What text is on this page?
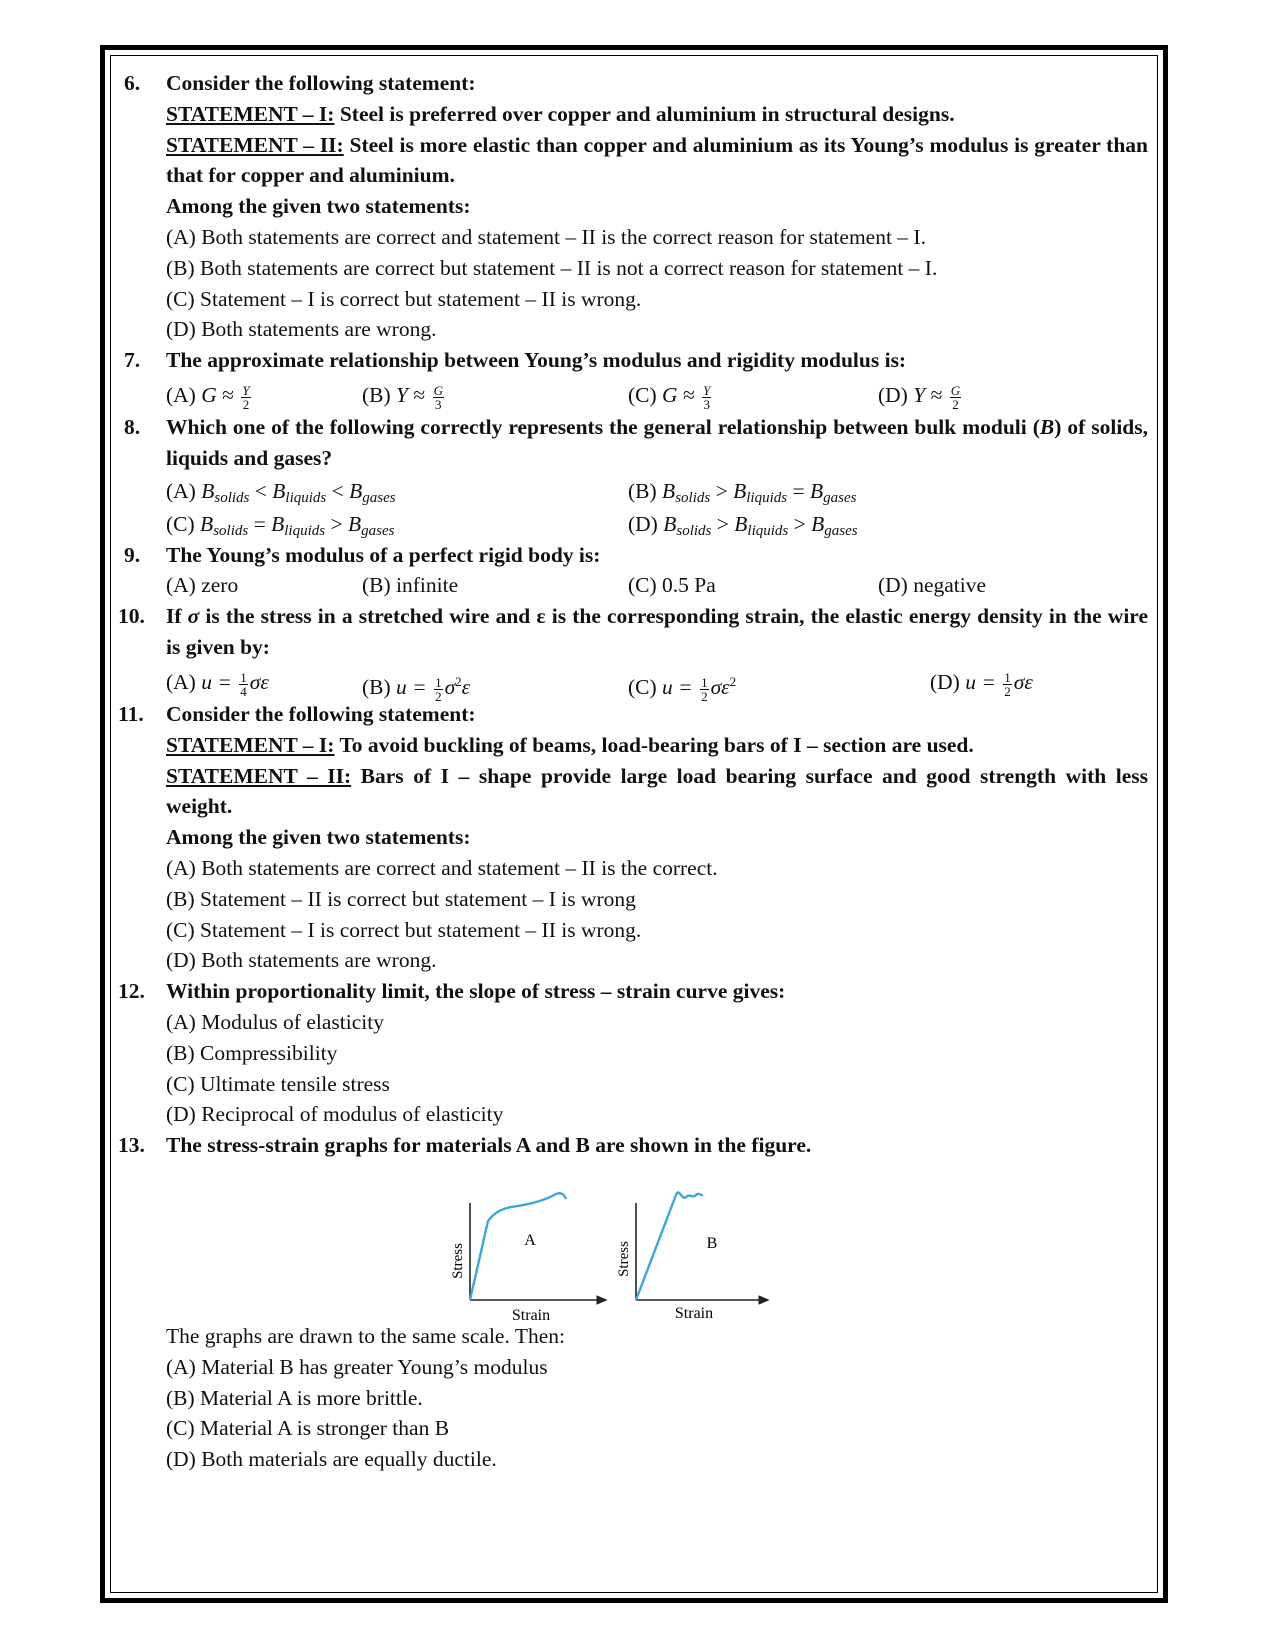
6. Consider the following statement:
STATEMENT – I: Steel is preferred over copper and aluminium in structural designs.
STATEMENT – II: Steel is more elastic than copper and aluminium as its Young’s modulus is greater than that for copper and aluminium.
Among the given two statements:
(A) Both statements are correct and statement – II is the correct reason for statement – I.
(B) Both statements are correct but statement – II is not a correct reason for statement – I.
(C) Statement – I is correct but statement – II is wrong.
(D) Both statements are wrong.
7. The approximate relationship between Young’s modulus and rigidity modulus is:
(A) $G \approx \frac{Y}{2}$	(B) $Y \approx \frac{G}{3}$	(C) $G \approx \frac{Y}{3}$	(D) $Y \approx \frac{G}{2}$
8. Which one of the following correctly represents the general relationship between bulk moduli (B) of solids, liquids and gases?
(A) $B_{solids} < B_{liquids} < B_{gases}$	(B) $B_{solids} > B_{liquids} = B_{gases}$
(C) $B_{solids} = B_{liquids} > B_{gases}$	(D) $B_{solids} > B_{liquids} > B_{gases}$
9. The Young’s modulus of a perfect rigid body is:
(A) zero	(B) infinite	(C) 0.5 Pa	(D) negative
10. If σ is the stress in a stretched wire and ε is the corresponding strain, the elastic energy density in the wire is given by:
(A) $u = \frac{1}{4}$ σε	(B) $u = \frac{1}{2} \sigma^2\varepsilon$	(C) $u = \frac{1}{2} \sigma\varepsilon^2$	(D) $u = \frac{1}{2}$ σε
11. Consider the following statement:
STATEMENT – I: To avoid buckling of beams, load-bearing bars of I – section are used.
STATEMENT – II: Bars of I – shape provide large load bearing surface and good strength with less weight.
Among the given two statements:
(A) Both statements are correct and statement – II is the correct.
(B) Statement – II is correct but statement – I is wrong
(C) Statement – I is correct but statement – II is wrong.
(D) Both statements are wrong.
12. Within proportionality limit, the slope of stress – strain curve gives:
(A) Modulus of elasticity
(B) Compressibility
(C) Ultimate tensile stress
(D) Reciprocal of modulus of elasticity
13. The stress-strain graphs for materials A and B are shown in the figure.
Stress
Strain
A
Stress
Strain
B
The graphs are drawn to the same scale. Then:
(A) Material B has greater Young’s modulus
(B) Material A is more brittle.
(C) Material A is stronger than B
(D) Both materials are equally ductile.
